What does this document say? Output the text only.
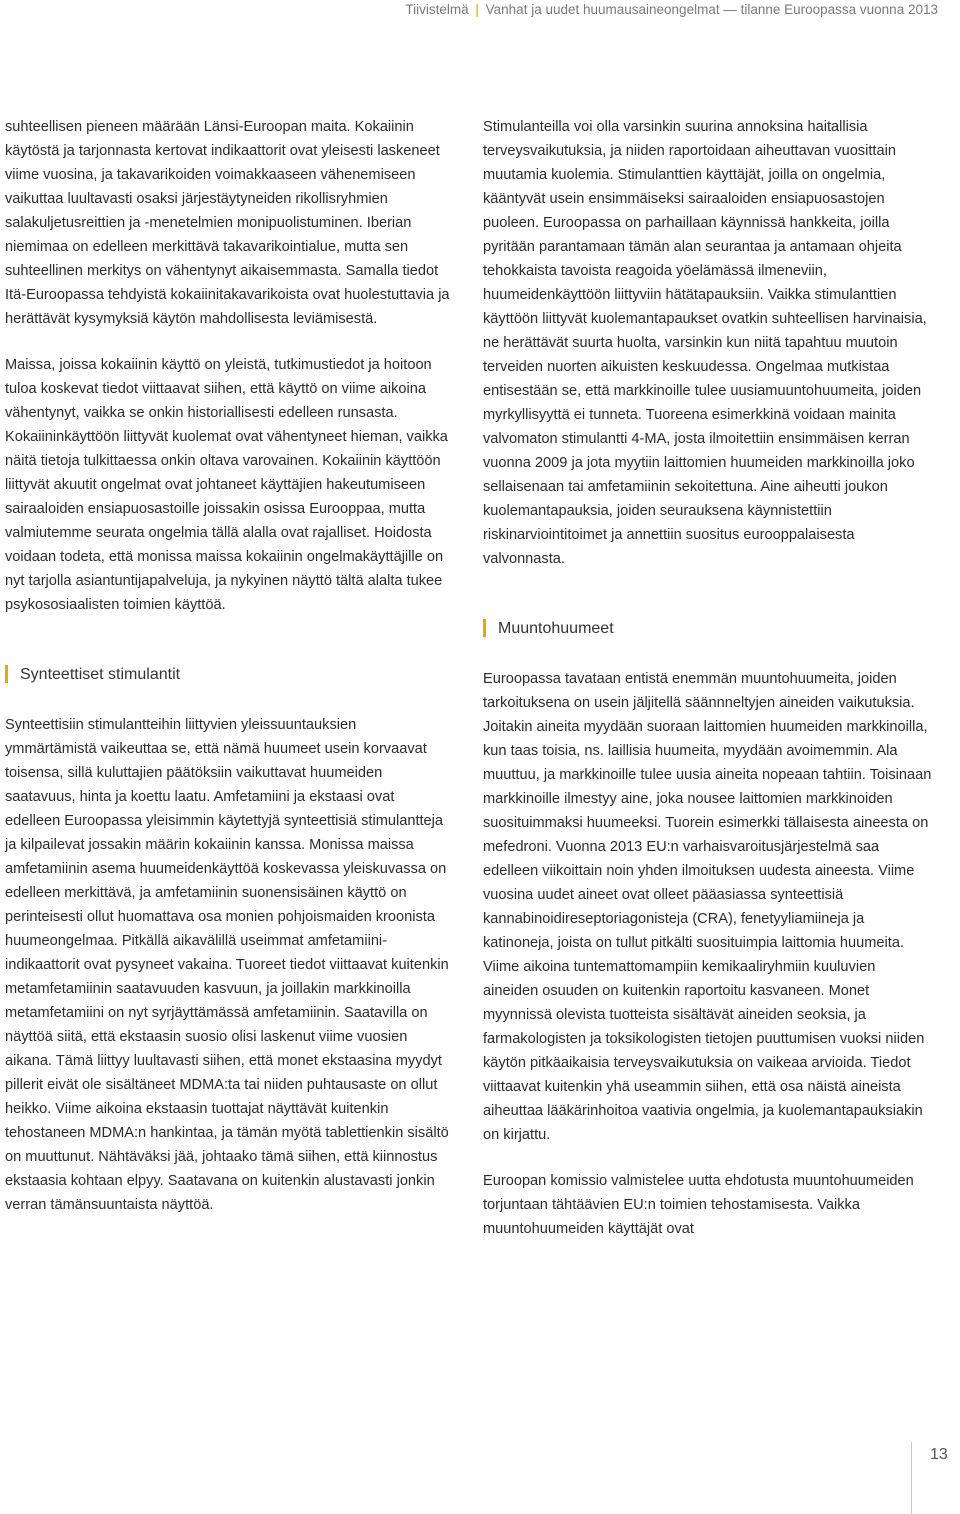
Tiivistelmä | Vanhat ja uudet huumausaineongelmat — tilanne Euroopassa vuonna 2013

suhteellisen pieneen määrään Länsi-Euroopan maita. Kokaiinin käytöstä ja tarjonnasta kertovat indikaattorit ovat yleisesti laskeneet viime vuosina, ja takavarikoiden voimakkaaseen vähenemiseen vaikuttaa luultavasti osaksi järjestäytyneiden rikollisryhmien salakuljetusreittien ja -menetelmien monipuolistuminen. Iberian niemimaa on edelleen merkittävä takavarikointialue, mutta sen suhteellinen merkitys on vähentynyt aikaisemmasta. Samalla tiedot Itä-Euroopassa tehdyistä kokaiinitakavarikoista ovat huolestuttavia ja herättävät kysymyksiä käytön mahdollisesta leviämisestä.

Maissa, joissa kokaiinin käyttö on yleistä, tutkimustiedot ja hoitoon tuloa koskevat tiedot viittaavat siihen, että käyttö on viime aikoina vähentynyt, vaikka se onkin historiallisesti edelleen runsasta. Kokaiininkäyttöön liittyvät kuolemat ovat vähentyneet hieman, vaikka näitä tietoja tulkittaessa onkin oltava varovainen. Kokaiinin käyttöön liittyvät akuutit ongelmat ovat johtaneet käyttäjien hakeutumiseen sairaaloiden ensiapuosastoille joissakin osissa Eurooppaa, mutta valmiutemme seurata ongelmia tällä alalla ovat rajalliset. Hoidosta voidaan todeta, että monissa maissa kokaiinin ongelmakäyttäjille on nyt tarjolla asiantuntijapalveluja, ja nykyinen näyttö tältä alalta tukee psykososiaalisten toimien käyttöä.

Synteettiset stimulantit

Synteettisiin stimulantteihin liittyvien yleissuuntauksien ymmärtämistä vaikeuttaa se, että nämä huumeet usein korvaavat toisensa, sillä kuluttajien päätöksiin vaikuttavat huumeiden saatavuus, hinta ja koettu laatu. Amfetamiini ja ekstaasi ovat edelleen Euroopassa yleisimmin käytettyjä synteettisiä stimulantteja ja kilpailevat jossakin määrin kokaiinin kanssa. Monissa maissa amfetamiinin asema huumeidenkäyttöä koskevassa yleiskuvassa on edelleen merkittävä, ja amfetamiinin suonensisäinen käyttö on perinteisesti ollut huomattava osa monien pohjoismaiden kroonista huumeongelmaa. Pitkällä aikavälillä useimmat amfetamiini-indikaattorit ovat pysyneet vakaina. Tuoreet tiedot viittaavat kuitenkin metamfetamiinin saatavuuden kasvuun, ja joillakin markkinoilla metamfetamiini on nyt syrjäyttämässä amfetamiinin. Saatavilla on näyttöä siitä, että ekstaasin suosio olisi laskenut viime vuosien aikana. Tämä liittyy luultavasti siihen, että monet ekstaasina myydyt pillerit eivät ole sisältäneet MDMA:ta tai niiden puhtausaste on ollut heikko. Viime aikoina ekstaasin tuottajat näyttävät kuitenkin tehostaneen MDMA:n hankintaa, ja tämän myötä tablettienkin sisältö on muuttunut. Nähtäväksi jää, johtaako tämä siihen, että kiinnostus ekstaasia kohtaan elpyy. Saatavana on kuitenkin alustavasti jonkin verran tämänsuuntaista näyttöä.

Stimulanteilla voi olla varsinkin suurina annoksina haitallisia terveysvaikutuksia, ja niiden raportoidaan aiheuttavan vuosittain muutamia kuolemia. Stimulanttien käyttäjät, joilla on ongelmia, kääntyvät usein ensimmäiseksi sairaaloiden ensiapuosastojen puoleen. Euroopassa on parhaillaan käynnissä hankkeita, joilla pyritään parantamaan tämän alan seurantaa ja antamaan ohjeita tehokkaista tavoista reagoida yöelämässä ilmeneviin, huumeidenkäyttöön liittyviin hätätapauksiin. Vaikka stimulanttien käyttöön liittyvät kuolemantapaukset ovatkin suhteellisen harvinaisia, ne herättävät suurta huolta, varsinkin kun niitä tapahtuu muutoin terveiden nuorten aikuisten keskuudessa. Ongelmaa mutkistaa entisestään se, että markkinoille tulee uusiamuuntohuumeita, joiden myrkyllisyyttä ei tunneta. Tuoreena esimerkkinä voidaan mainita valvomaton stimulantti 4-MA, josta ilmoitettiin ensimmäisen kerran vuonna 2009 ja jota myytiin laittomien huumeiden markkinoilla joko sellaisenaan tai amfetamiinin sekoitettuna. Aine aiheutti joukon kuolemantapauksia, joiden seurauksena käynnistettiin riskinarviointitoimet ja annettiin suositus eurooppalaisesta valvonnasta.

Muuntohuumeet

Euroopassa tavataan entistä enemmän muuntohuumeita, joiden tarkoituksena on usein jäljitellä säännneltyjen aineiden vaikutuksia. Joitakin aineita myydään suoraan laittomien huumeiden markkinoilla, kun taas toisia, ns. laillisia huumeita, myydään avoimemmin. Ala muuttuu, ja markkinoille tulee uusia aineita nopeaan tahtiin. Toisinaan markkinoille ilmestyy aine, joka nousee laittomien markkinoiden suosituimmaksi huumeeksi. Tuorein esimerkki tällaisesta aineesta on mefedroni. Vuonna 2013 EU:n varhaisvaroitusjärjestelmä saa edelleen viikoittain noin yhden ilmoituksen uudesta aineesta. Viime vuosina uudet aineet ovat olleet pääasiassa synteettisiä kannabinoidireseptoriagonisteja (CRA), fenetyyliamiineja ja katinoneja, joista on tullut pitkälti suosituimpia laittomia huumeita. Viime aikoina tuntemattomampiin kemikaaliryhmiin kuuluvien aineiden osuuden on kuitenkin raportoitu kasvaneen. Monet myynnissä olevista tuotteista sisältävät aineiden seoksia, ja farmakologisten ja toksikologisten tietojen puuttumisen vuoksi niiden käytön pitkäaikaisia terveysvaikutuksia on vaikeaa arvioida. Tiedot viittaavat kuitenkin yhä useammin siihen, että osa näistä aineista aiheuttaa lääkärinhoitoa vaativia ongelmia, ja kuolemantapauksiakin on kirjattu.

Euroopan komissio valmistelee uutta ehdotusta muuntohuumeiden torjuntaan tähtäävien EU:n toimien tehostamisesta. Vaikka muuntohuumeiden käyttäjät ovat

13
